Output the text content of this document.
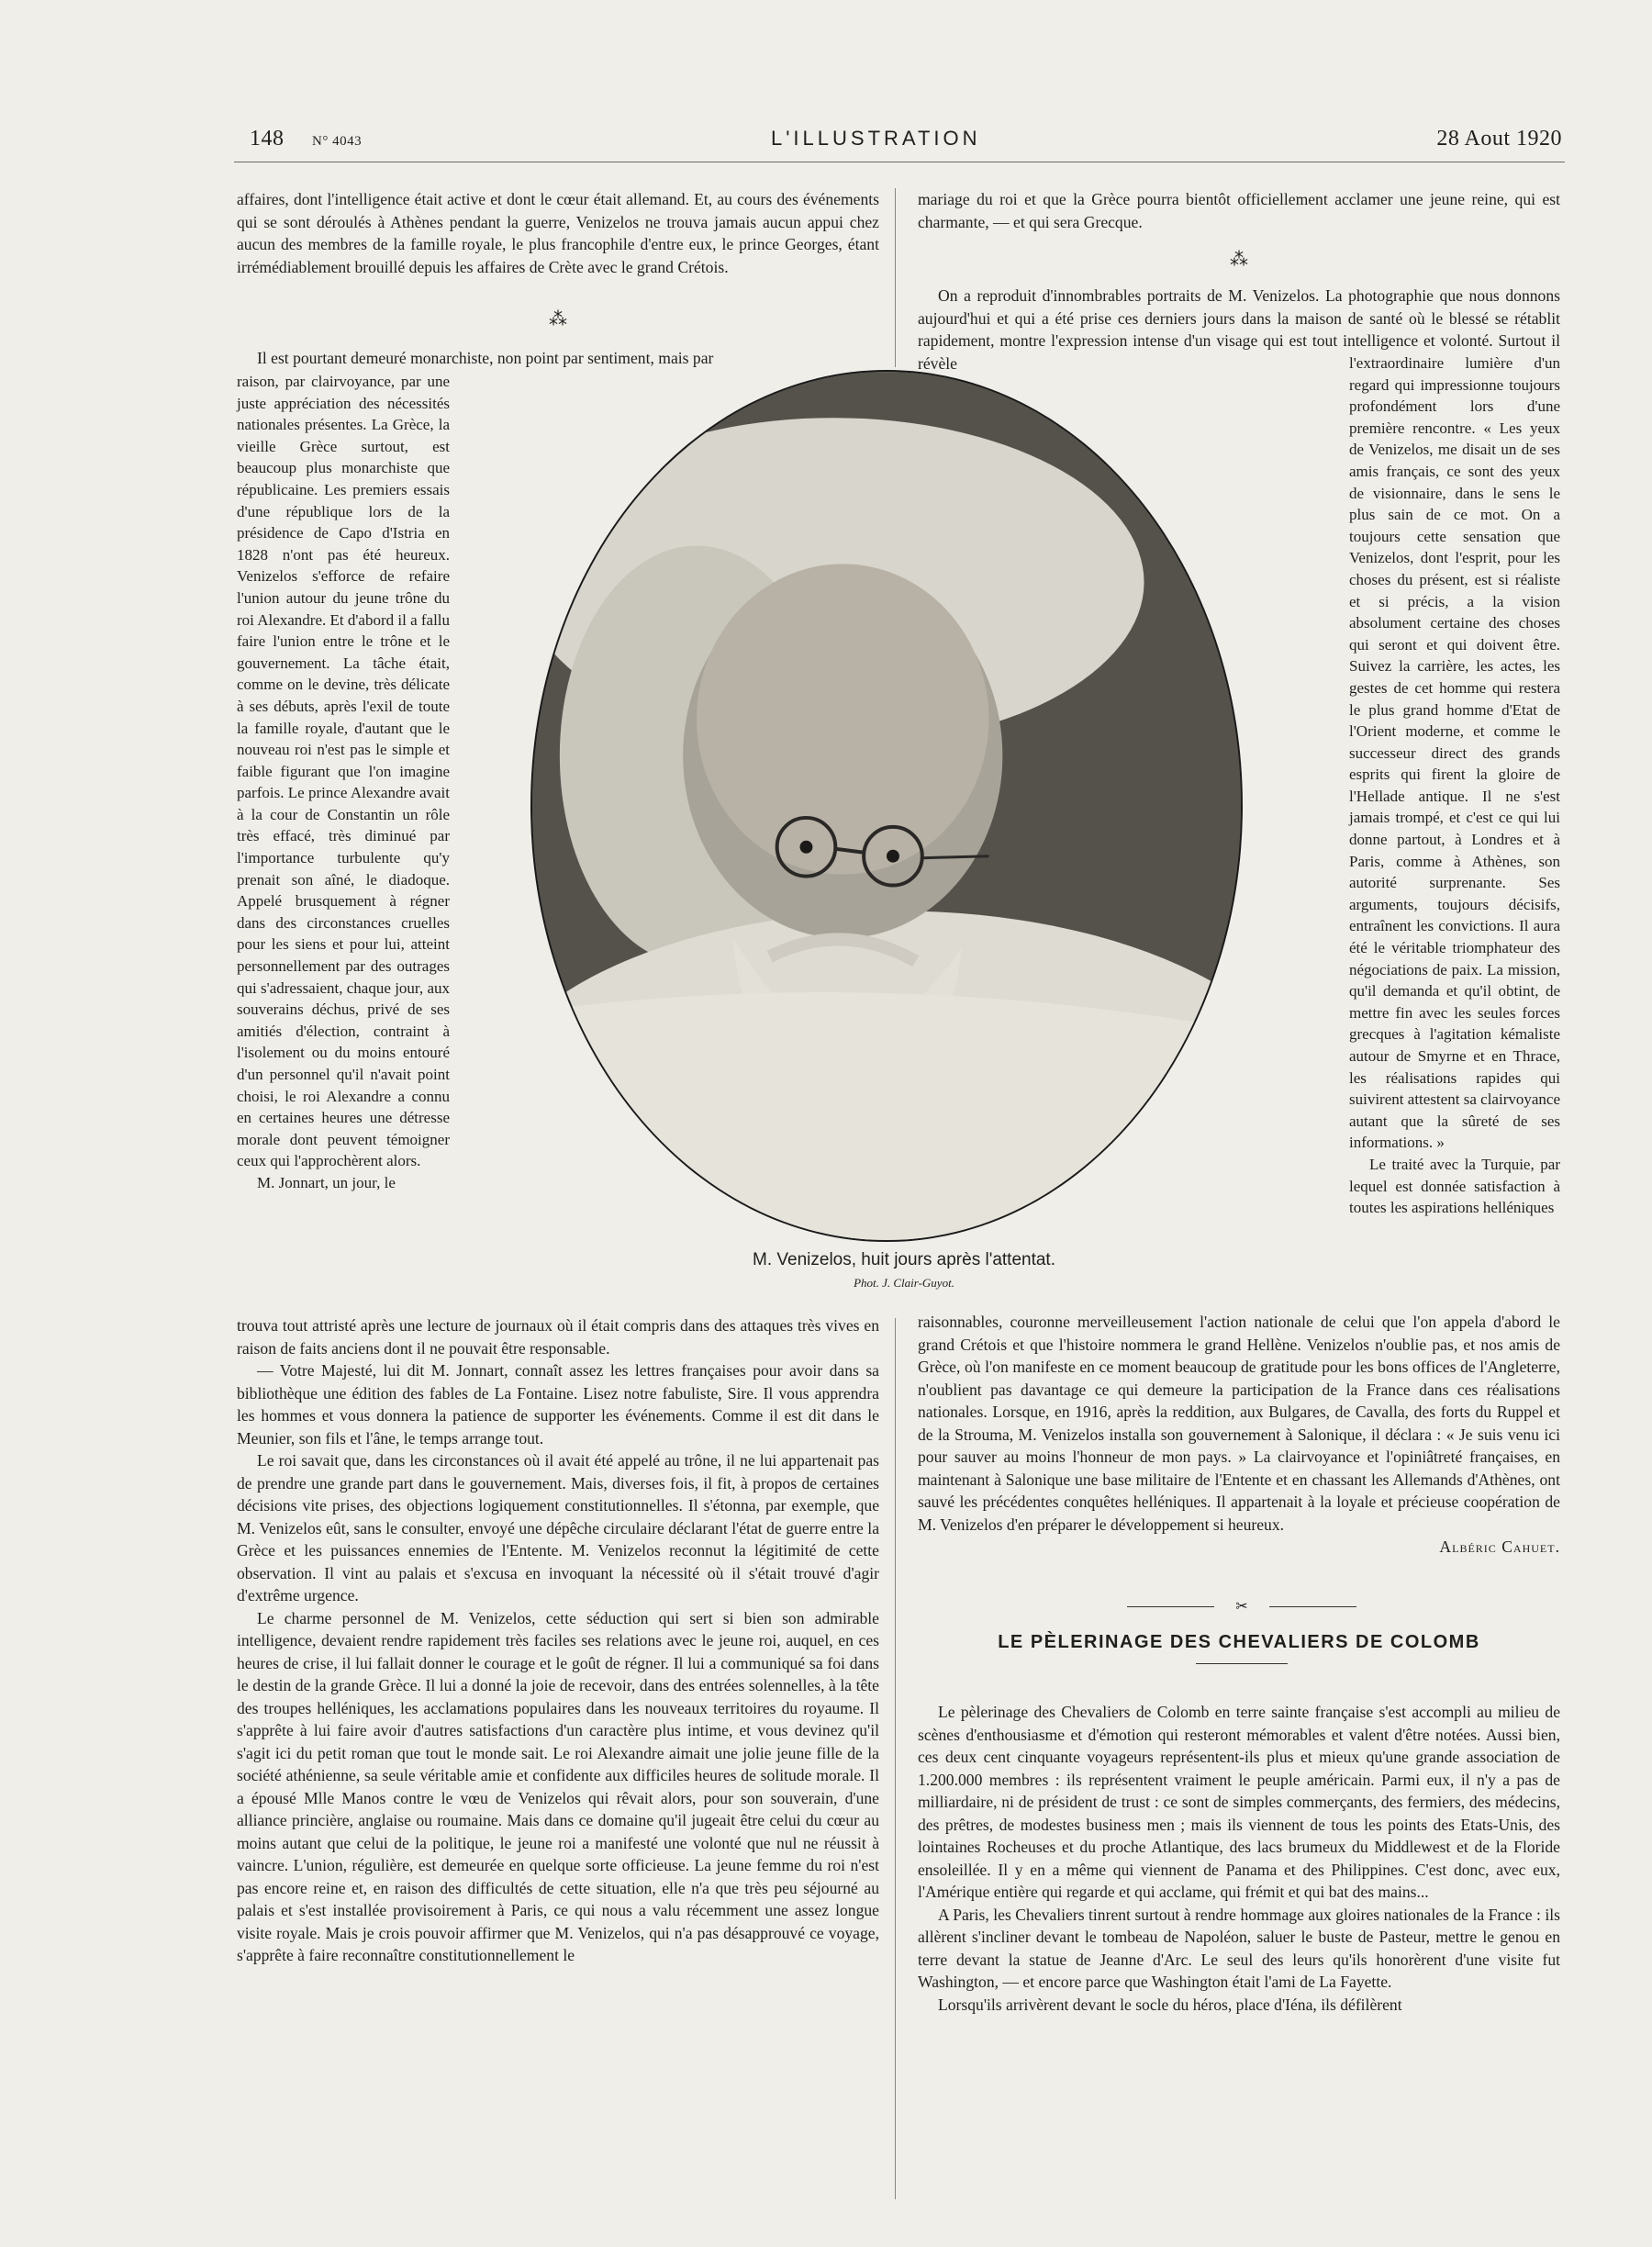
148 N° 4043	L'ILLUSTRATION	28 Aout 1920

affaires, dont l'intelligence était active et dont le cœur était allemand. Et, au cours des événements qui se sont déroulés à Athènes pendant la guerre, Venizelos ne trouva jamais aucun appui chez aucun des membres de la famille royale, le plus francophile d'entre eux, le prince Georges, étant irrémédiablement brouillé depuis les affaires de Crète avec le grand Crétois.

⁂

Il est pourtant demeuré monarchiste, non point par sentiment, mais par

raison, par clairvoyance, par une juste appréciation des nécessités nationales présentes. La Grèce, la vieille Grèce surtout, est beaucoup plus monarchiste que républicaine. Les premiers essais d'une république lors de la présidence de Capo d'Istria en 1828 n'ont pas été heureux. Venizelos s'efforce de refaire l'union autour du jeune trône du roi Alexandre. Et d'abord il a fallu faire l'union entre le trône et le gouvernement. La tâche était, comme on le devine, très délicate à ses débuts, après l'exil de toute la famille royale, d'autant que le nouveau roi n'est pas le simple et faible figurant que l'on imagine parfois. Le prince Alexandre avait à la cour de Constantin un rôle très effacé, très diminué par l'importance turbulente qu'y prenait son aîné, le diadoque. Appelé brusquement à régner dans des circonstances cruelles pour les siens et pour lui, atteint personnellement par des outrages qui s'adressaient, chaque jour, aux souverains déchus, privé de ses amitiés d'élection, contraint à l'isolement ou du moins entouré d'un personnel qu'il n'avait point choisi, le roi Alexandre a connu en certaines heures une détresse morale dont peuvent témoigner ceux qui l'approchèrent alors.

M. Jonnart, un jour, le

trouva tout attristé après une lecture de journaux où il était compris dans des attaques très vives en raison de faits anciens dont il ne pouvait être responsable.

— Votre Majesté, lui dit M. Jonnart, connaît assez les lettres françaises pour avoir dans sa bibliothèque une édition des fables de La Fontaine. Lisez notre fabuliste, Sire. Il vous apprendra les hommes et vous donnera la patience de supporter les événements. Comme il est dit dans le Meunier, son fils et l'âne, le temps arrange tout.

Le roi savait que, dans les circonstances où il avait été appelé au trône, il ne lui appartenait pas de prendre une grande part dans le gouvernement. Mais, diverses fois, il fit, à propos de certaines décisions vite prises, des objections logiquement constitutionnelles. Il s'étonna, par exemple, que M. Venizelos eût, sans le consulter, envoyé une dépêche circulaire déclarant l'état de guerre entre la Grèce et les puissances ennemies de l'Entente. M. Venizelos reconnut la légitimité de cette observation. Il vint au palais et s'excusa en invoquant la nécessité où il s'était trouvé d'agir d'extrême urgence.

Le charme personnel de M. Venizelos, cette séduction qui sert si bien son admirable intelligence, devaient rendre rapidement très faciles ses relations avec le jeune roi, auquel, en ces heures de crise, il lui fallait donner le courage et le goût de régner. Il lui a communiqué sa foi dans le destin de la grande Grèce. Il lui a donné la joie de recevoir, dans des entrées solennelles, à la tête des troupes helléniques, les acclamations populaires dans les nouveaux territoires du royaume. Il s'apprête à lui faire avoir d'autres satisfactions d'un caractère plus intime, et vous devinez qu'il s'agit ici du petit roman que tout le monde sait. Le roi Alexandre aimait une jolie jeune fille de la société athénienne, sa seule véritable amie et confidente aux difficiles heures de solitude morale. Il a épousé Mlle Manos contre le vœu de Venizelos qui rêvait alors, pour son souverain, d'une alliance princière, anglaise ou roumaine. Mais dans ce domaine qu'il jugeait être celui du cœur au moins autant que celui de la politique, le jeune roi a manifesté une volonté que nul ne réussit à vaincre. L'union, régulière, est demeurée en quelque sorte officieuse. La jeune femme du roi n'est pas encore reine et, en raison des difficultés de cette situation, elle n'a que très peu séjourné au palais et s'est installée provisoirement à Paris, ce qui nous a valu récemment une assez longue visite royale. Mais je crois pouvoir affirmer que M. Venizelos, qui n'a pas désapprouvé ce voyage, s'apprête à faire reconnaître constitutionnellement le

mariage du roi et que la Grèce pourra bientôt officiellement acclamer une jeune reine, qui est charmante, — et qui sera Grecque.

⁂

On a reproduit d'innombrables portraits de M. Venizelos. La photographie que nous donnons aujourd'hui et qui a été prise ces derniers jours dans la maison de santé où le blessé se rétablit rapidement, montre l'expression intense d'un visage qui est tout intelligence et volonté. Surtout il révèle	l'extraordinaire lumière d'un regard qui impressionne toujours profondément lors d'une première rencontre. « Les yeux de Venizelos, me disait un de ses amis français, ce sont des yeux de visionnaire, dans le sens le plus sain de ce mot. On a toujours cette sensation que Venizelos, dont l'esprit, pour les choses du présent, est si réaliste et si précis, a la vision absolument certaine des choses qui seront et qui doivent être. Suivez la carrière, les actes, les gestes de cet homme qui restera le plus grand homme d'Etat de l'Orient moderne, et comme le successeur direct des grands esprits qui firent la gloire de l'Hellade antique. Il ne s'est jamais trompé, et c'est ce qui lui donne partout, à Londres et à Paris, comme à Athènes, son autorité surprenante. Ses arguments, toujours décisifs, entraînent les convictions. Il aura été le véritable triomphateur des négociations de paix. La mission, qu'il demanda et qu'il obtint, de mettre fin avec les seules forces grecques à l'agitation kémaliste autour de Smyrne et en Thrace, les réalisations rapides qui suivirent attestent sa clairvoyance autant que la sûreté de ses informations. »

Le traité avec la Turquie, par lequel est donnée satisfaction à toutes les aspirations helléniques

raisonnables, couronne merveilleusement l'action nationale de celui que l'on appela d'abord le grand Crétois et que l'histoire nommera le grand Hellène. Venizelos n'oublie pas, et nos amis de Grèce, où l'on manifeste en ce moment beaucoup de gratitude pour les bons offices de l'Angleterre, n'oublient pas davantage ce qui demeure la participation de la France dans ces réalisations nationales. Lorsque, en 1916, après la reddition, aux Bulgares, de Cavalla, des forts du Ruppel et de la Strouma, M. Venizelos installa son gouvernement à Salonique, il déclara : « Je suis venu ici pour sauver au moins l'honneur de mon pays. » La clairvoyance et l'opiniâtreté françaises, en maintenant à Salonique une base militaire de l'Entente et en chassant les Allemands d'Athènes, ont sauvé les précédentes conquêtes helléniques. Il appartenait à la loyale et précieuse coopération de M. Venizelos d'en préparer le développement si heureux.

Albéric Cahuet.

M. Venizelos, huit jours après l'attentat.
Phot. J. Clair-Guyot.
✂
LE PÈLERINAGE DES CHEVALIERS DE COLOMB

Le pèlerinage des Chevaliers de Colomb en terre sainte française s'est accompli au milieu de scènes d'enthousiasme et d'émotion qui resteront mémorables et valent d'être notées. Aussi bien, ces deux cent cinquante voyageurs représentent-ils plus et mieux qu'une grande association de 1.200.000 membres : ils représentent vraiment le peuple américain. Parmi eux, il n'y a pas de milliardaire, ni de président de trust : ce sont de simples commerçants, des fermiers, des médecins, des prêtres, de modestes business men ; mais ils viennent de tous les points des Etats-Unis, des lointaines Rocheuses et du proche Atlantique, des lacs brumeux du Middlewest et de la Floride ensoleillée. Il y en a même qui viennent de Panama et des Philippines. C'est donc, avec eux, l'Amérique entière qui regarde et qui acclame, qui frémit et qui bat des mains...

A Paris, les Chevaliers tinrent surtout à rendre hommage aux gloires nationales de la France : ils allèrent s'incliner devant le tombeau de Napoléon, saluer le buste de Pasteur, mettre le genou en terre devant la statue de Jeanne d'Arc. Le seul des leurs qu'ils honorèrent d'une visite fut Washington, — et encore parce que Washington était l'ami de La Fayette.

Lorsqu'ils arrivèrent devant le socle du héros, place d'Iéna, ils défilèrent
